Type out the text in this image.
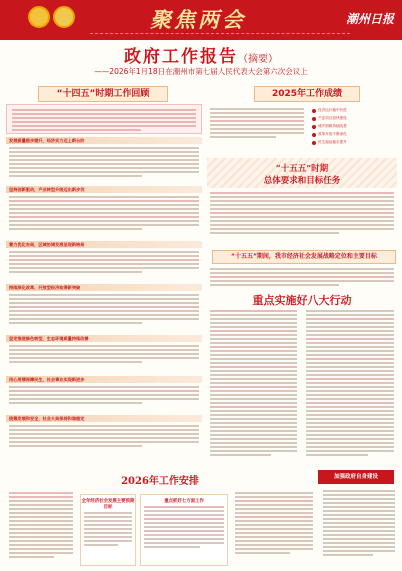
聚焦两会	潮州日报
政府工作报告（摘要）
——2026年1月18日在潮州市第七届人民代表大会第六次会议上
“十四五”时期工作回顾	2025年工作成绩
发展质量稳步提升，经济实力迈上新台阶
坚持创新驱动，产业转型升级迈出新步伐
着力优化布局，区域协调发展呈现新格局
持续深化改革，开放型经济取得新突破
坚定推进绿色转型，生态环境质量持续改善
用心用情保障民生，社会事业实现新进步
统筹发展和安全，社会大局保持和谐稳定
经济运行稳中有进
产业项目加快建设
城乡面貌持续改善
改革开放不断深化
民生福祉稳步提升
“十五五”时期
总体要求和目标任务
“十五五”期间，我市经济社会发展战略定位和主要目标
重点实施好八大行动
2026年工作安排	加强政府自身建设
全年经济社会发展主要预期目标
重点抓好七方面工作
